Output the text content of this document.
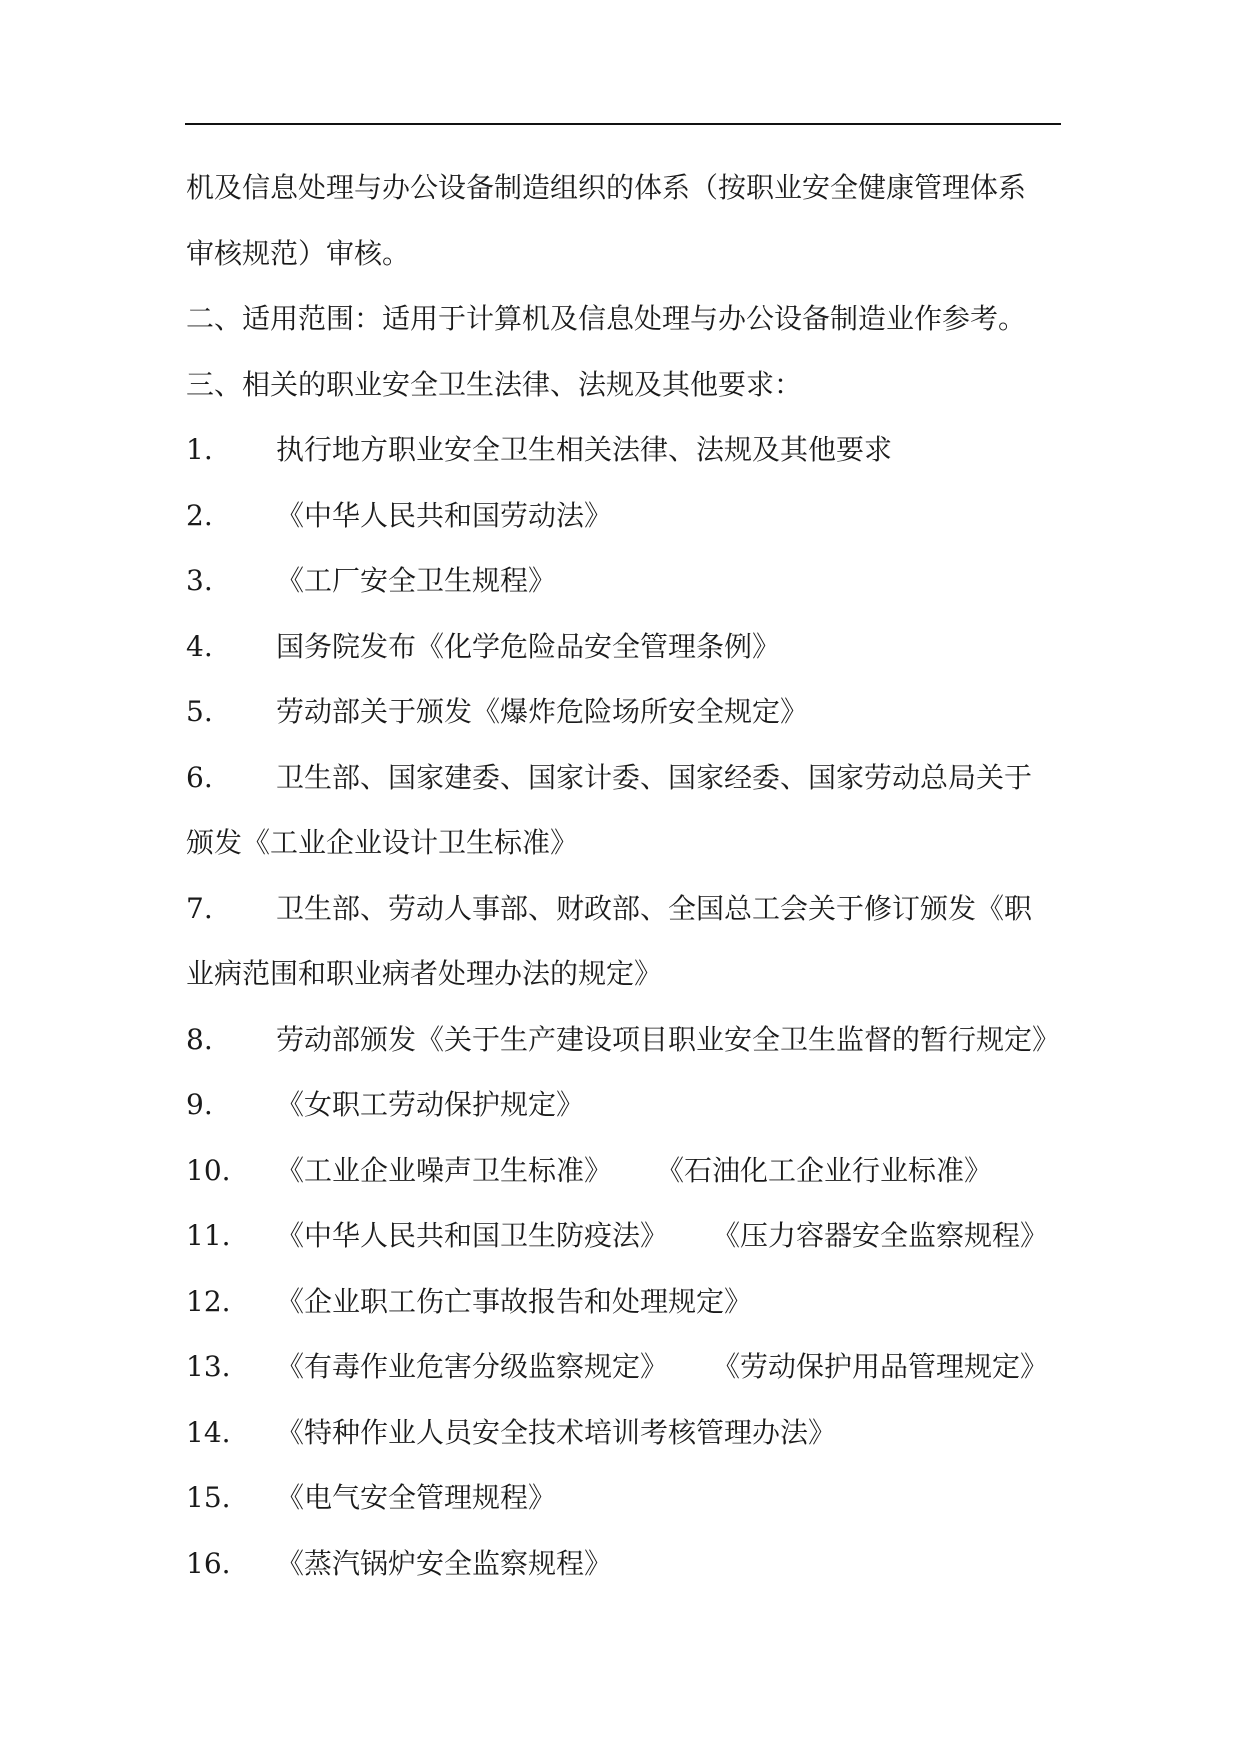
机及信息处理与办公设备制造组织的体系（按职业安全健康管理体系
审核规范）审核。
二、适用范围：适用于计算机及信息处理与办公设备制造业作参考。
三、相关的职业安全卫生法律、法规及其他要求：
1. 执行地方职业安全卫生相关法律、法规及其他要求
2. 《中华人民共和国劳动法》
3. 《工厂安全卫生规程》
4. 国务院发布《化学危险品安全管理条例》
5. 劳动部关于颁发《爆炸危险场所安全规定》
6. 卫生部、国家建委、国家计委、国家经委、国家劳动总局关于
颁发《工业企业设计卫生标准》
7. 卫生部、劳动人事部、财政部、全国总工会关于修订颁发《职
业病范围和职业病者处理办法的规定》
8. 劳动部颁发《关于生产建设项目职业安全卫生监督的暂行规定》
9. 《女职工劳动保护规定》
10. 《工业企业噪声卫生标准》 《石油化工企业行业标准》
11. 《中华人民共和国卫生防疫法》 《压力容器安全监察规程》
12. 《企业职工伤亡事故报告和处理规定》
13. 《有毒作业危害分级监察规定》 《劳动保护用品管理规定》
14. 《特种作业人员安全技术培训考核管理办法》
15. 《电气安全管理规程》
16. 《蒸汽锅炉安全监察规程》
